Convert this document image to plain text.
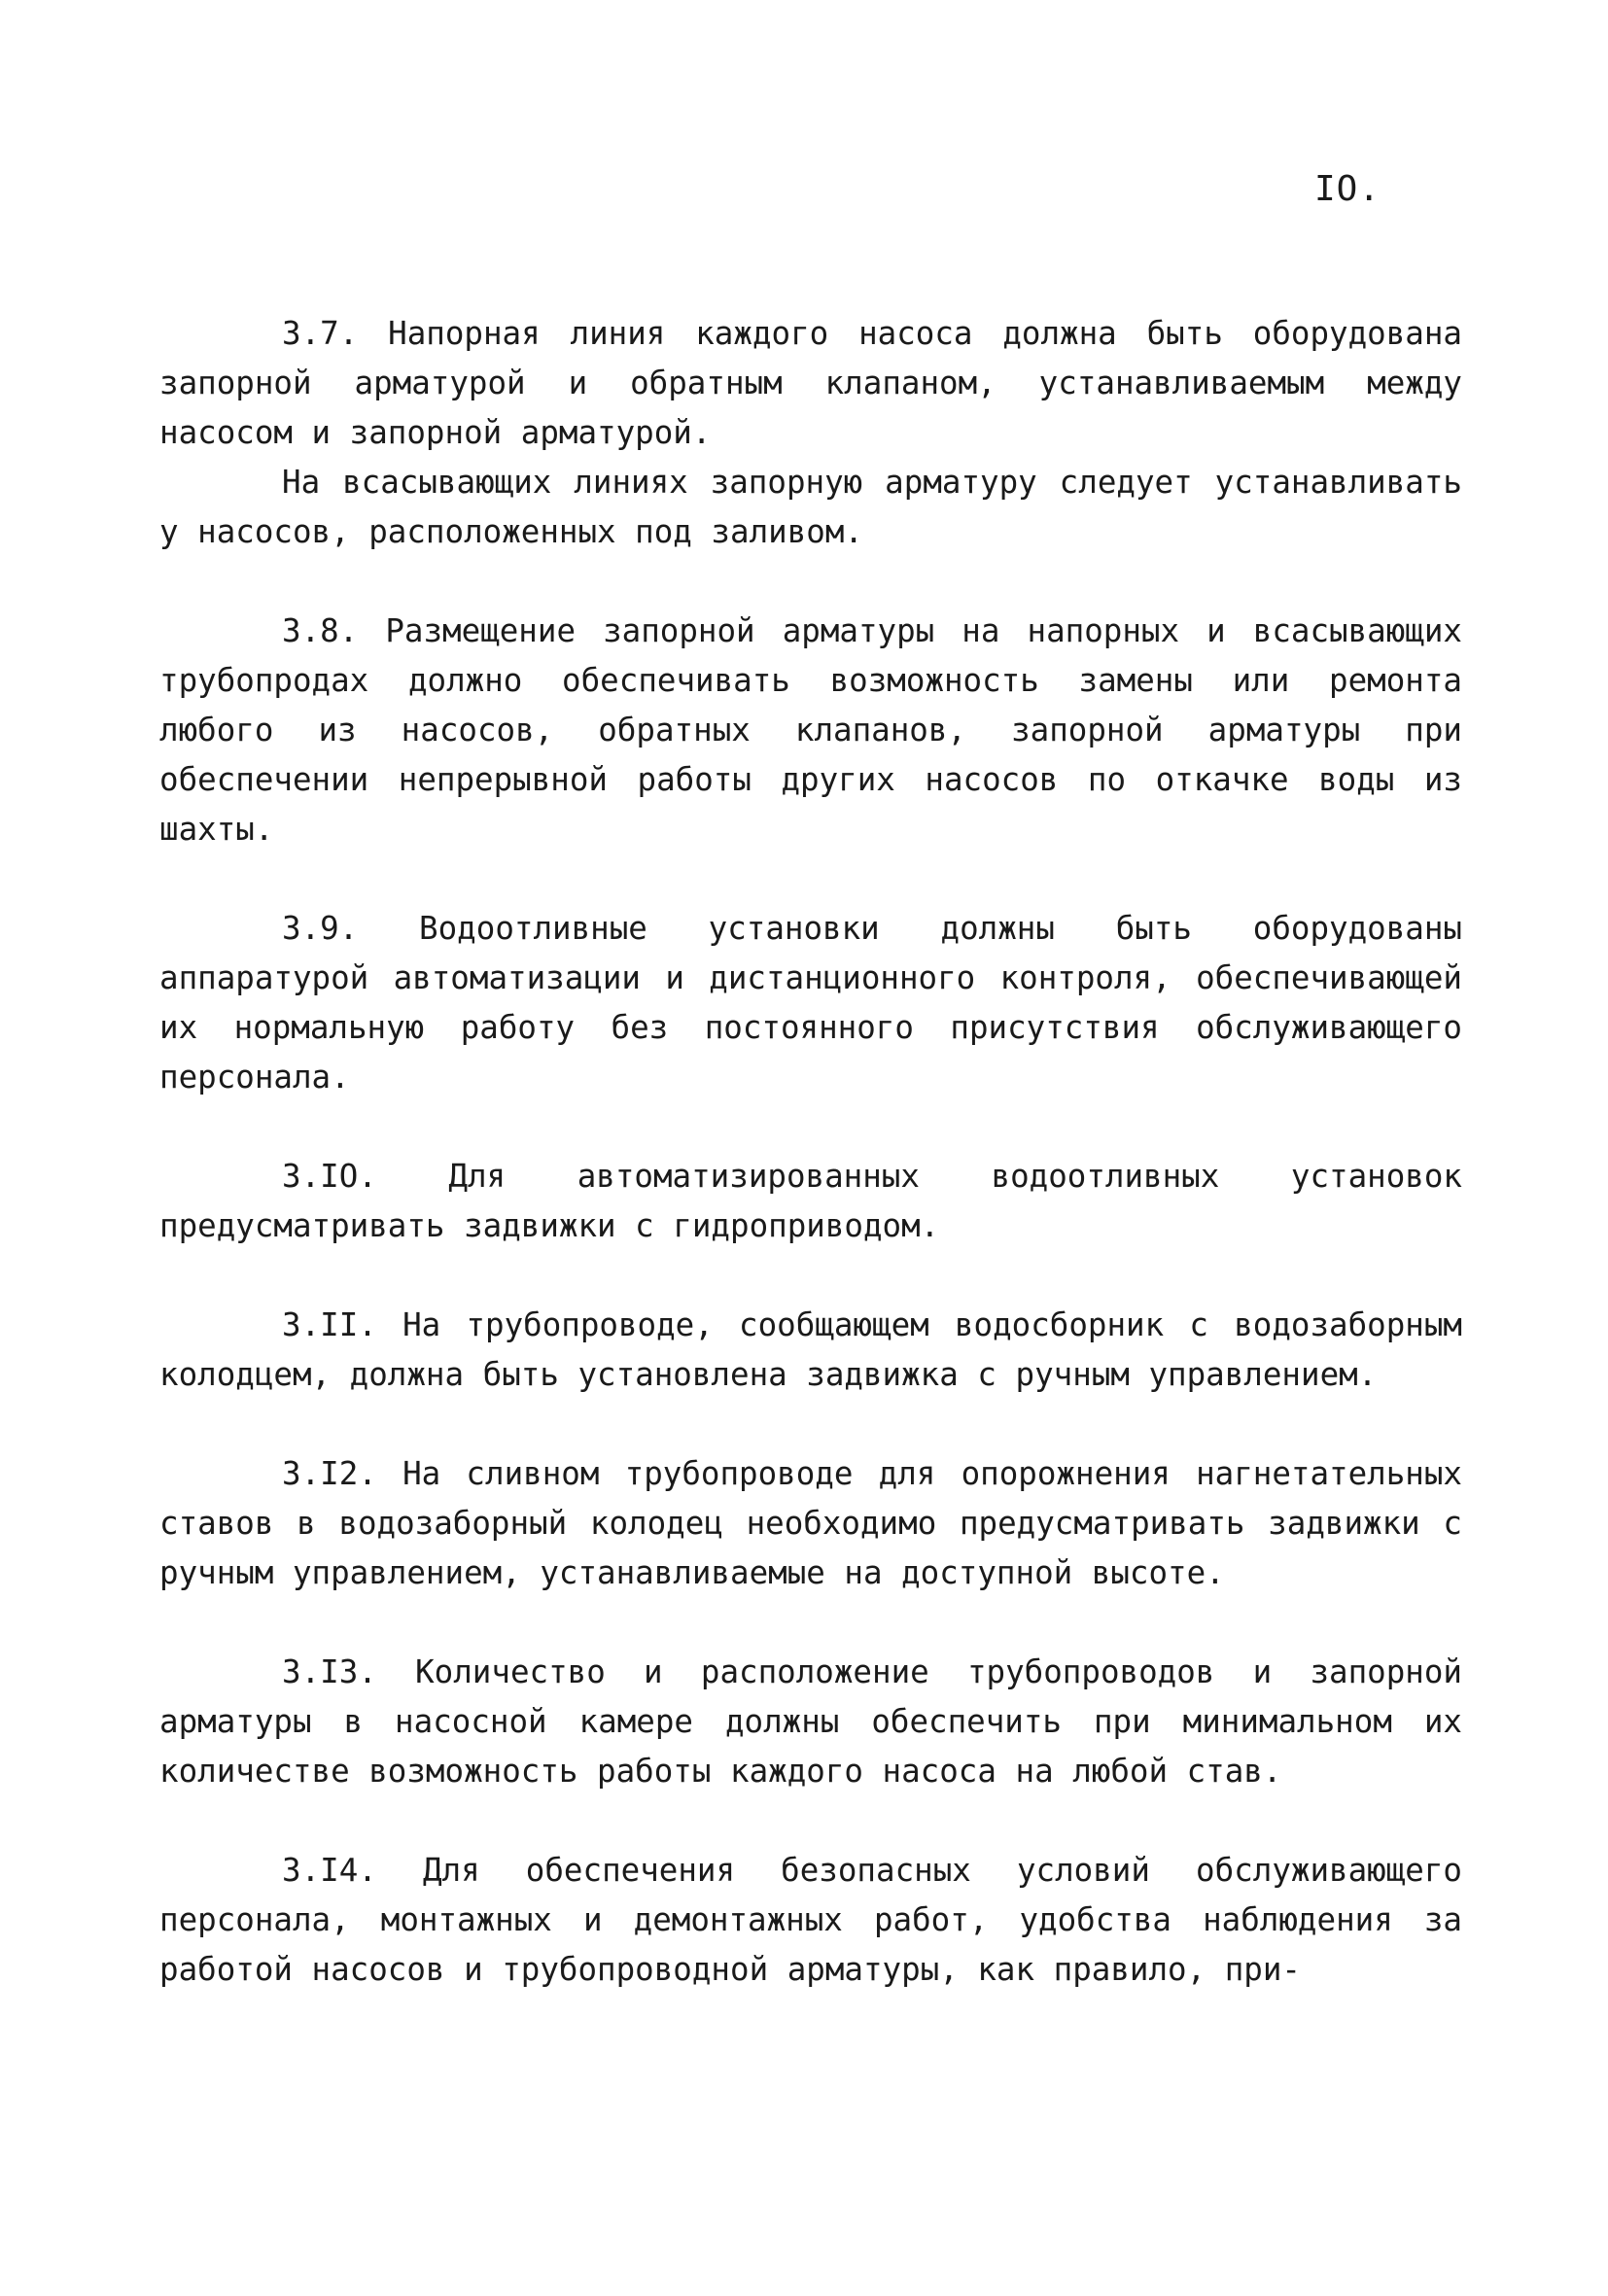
IO.

3.7. Напорная линия каждого насоса должна быть оборудована запорной арматурой и обратным клапаном, устанавливаемым между насосом и запорной арматурой.

На всасывающих линиях запорную арматуру следует устанавливать у насосов, расположенных под заливом.

3.8. Размещение запорной арматуры на напорных и всасывающих трубопродах должно обеспечивать возможность замены или ремонта любого из насосов, обратных клапанов, запорной арматуры при обеспечении непрерывной работы других насосов по откачке воды из шахты.

3.9. Водоотливные установки должны быть оборудованы аппаратурой автоматизации и дистанционного контроля, обеспечивающей их нормальную работу без постоянного присутствия обслуживающего персонала.

3.IO. Для автоматизированных водоотливных установок предусматривать задвижки с гидроприводом.

3.II. На трубопроводе, сообщающем водосборник с водозаборным колодцем, должна быть установлена задвижка с ручным управлением.

3.I2. На сливном трубопроводе для опорожнения нагнетательных ставов в водозаборный колодец необходимо предусматривать задвижки с ручным управлением, устанавливаемые на доступной высоте.

3.I3. Количество и расположение трубопроводов и запорной арматуры в насосной камере должны обеспечить при минимальном их количестве возможность работы каждого насоса на любой став.

3.I4. Для обеспечения безопасных условий обслуживающего персонала, монтажных и демонтажных работ, удобства наблюдения за работой насосов и трубопроводной арматуры, как правило, при-
